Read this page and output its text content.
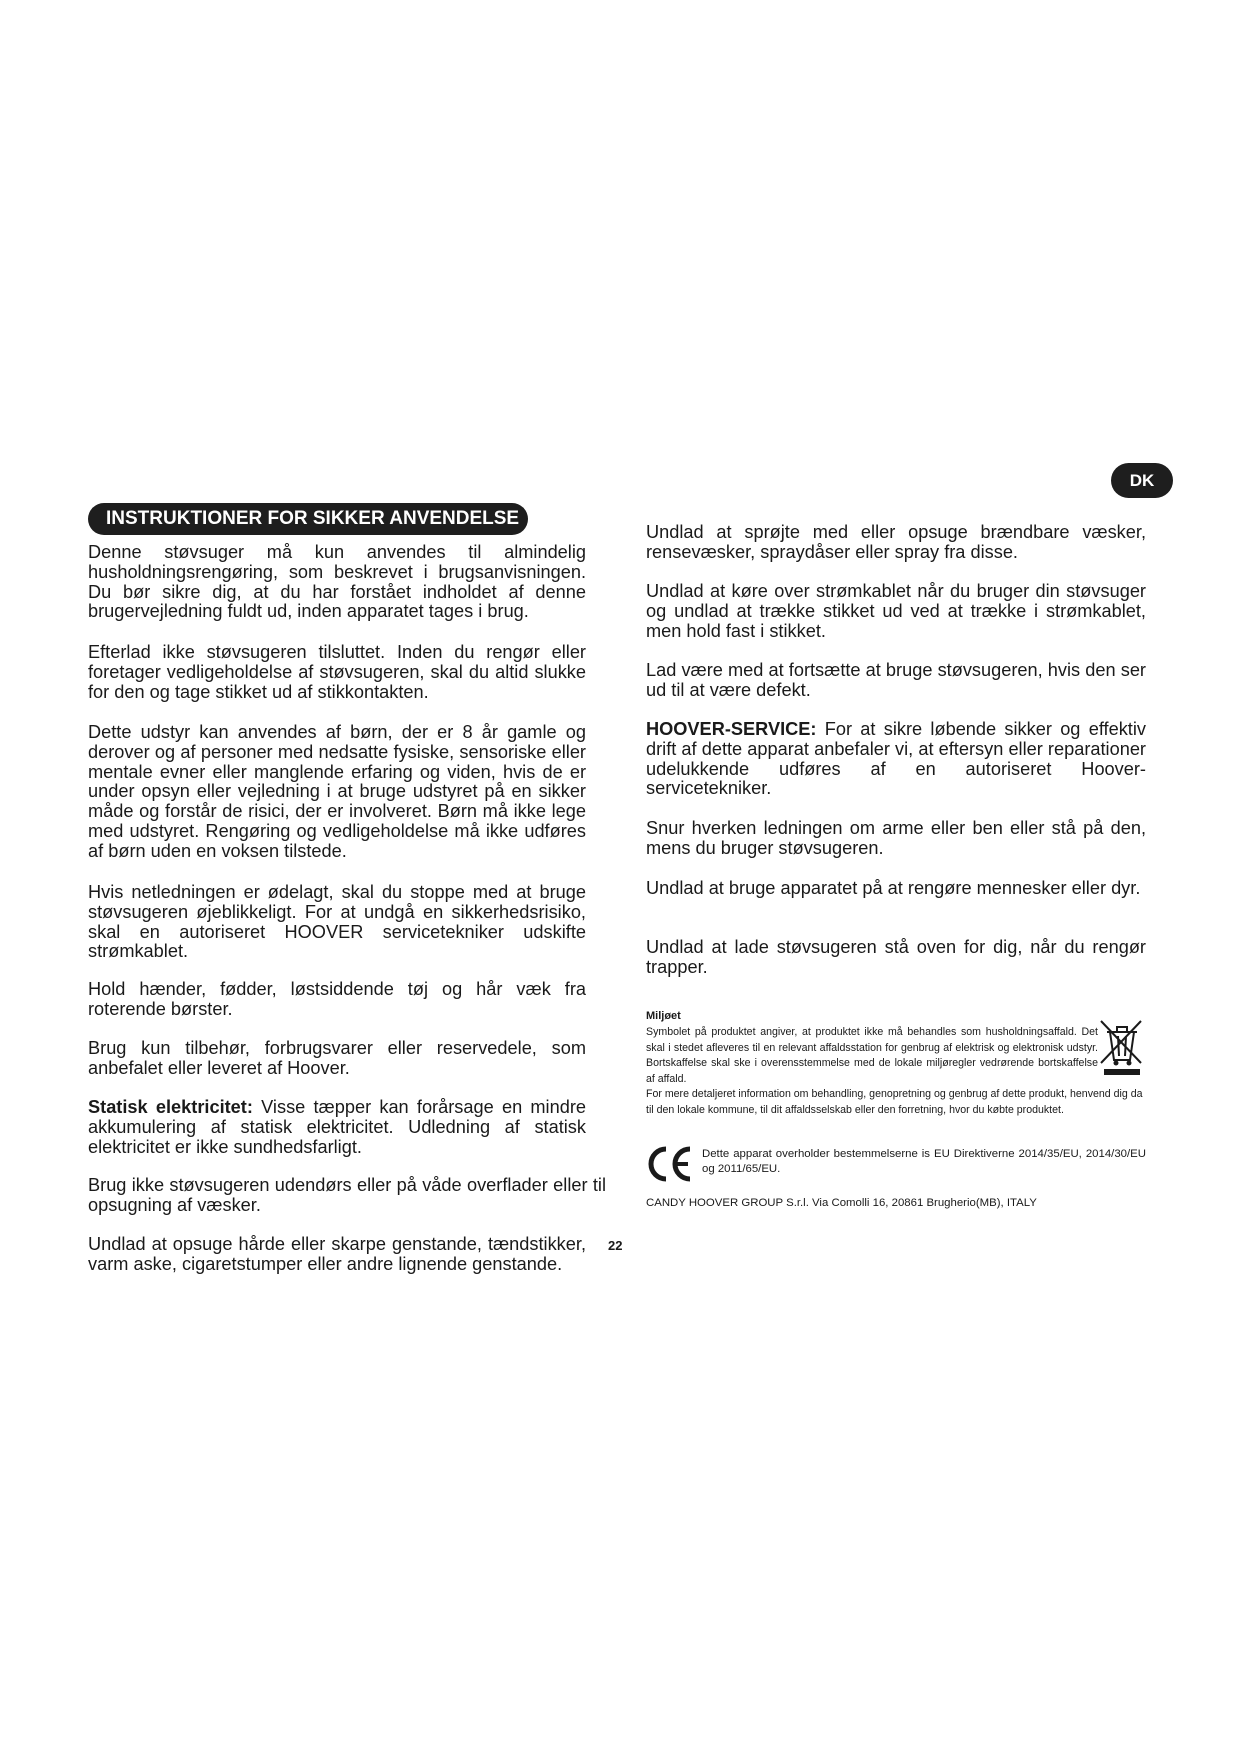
DK
INSTRUKTIONER FOR SIKKER ANVENDELSE

Denne støvsuger må kun anvendes til almindelig husholdningsrengøring, som beskrevet i brugsanvisningen. Du bør sikre dig, at du har forstået indholdet af denne brugervejledning fuldt ud, inden apparatet tages i brug.

Efterlad ikke støvsugeren tilsluttet. Inden du rengør eller foretager vedligeholdelse af støvsugeren, skal du altid slukke for den og tage stikket ud af stikkontakten.

Dette udstyr kan anvendes af børn, der er 8 år gamle og derover og af personer med nedsatte fysiske, sensoriske eller mentale evner eller manglende erfaring og viden, hvis de er under opsyn eller vejledning i at bruge udstyret på en sikker måde og forstår de risici, der er involveret. Børn må ikke lege med udstyret. Rengøring og vedligeholdelse må ikke udføres af børn uden en voksen tilstede.

Hvis netledningen er ødelagt, skal du stoppe med at bruge støvsugeren øjeblikkeligt. For at undgå en sikkerhedsrisiko, skal en autoriseret HOOVER servicetekniker udskifte strømkablet.

Hold hænder, fødder, løstsiddende tøj og hår væk fra roterende børster.

Brug kun tilbehør, forbrugsvarer eller reservedele, som anbefalet eller leveret af Hoover.

Statisk elektricitet: Visse tæpper kan forårsage en mindre akkumulering af statisk elektricitet. Udledning af statisk elektricitet er ikke sundhedsfarligt.

Brug ikke støvsugeren udendørs eller på våde overflader eller til opsugning af væsker.

Undlad at opsuge hårde eller skarpe genstande, tændstikker, varm aske, cigaretstumper eller andre lignende genstande.

22

Undlad at sprøjte med eller opsuge brændbare væsker, rensevæsker, spraydåser eller spray fra disse.

Undlad at køre over strømkablet når du bruger din støvsuger og undlad at trække stikket ud ved at trække i strømkablet, men hold fast i stikket.

Lad være med at fortsætte at bruge støvsugeren, hvis den ser ud til at være defekt.

HOOVER-SERVICE: For at sikre løbende sikker og effektiv drift af dette apparat anbefaler vi, at eftersyn eller reparationer udelukkende udføres af en autoriseret Hoover-servicetekniker.

Snur hverken ledningen om arme eller ben eller stå på den, mens du bruger støvsugeren.

Undlad at bruge apparatet på at rengøre mennesker eller dyr.

Undlad at lade støvsugeren stå oven for dig, når du rengør trapper.

Miljøet

Symbolet på produktet angiver, at produktet ikke må behandles som husholdningsaffald. Det skal i stedet afleveres til en relevant affaldsstation for genbrug af elektrisk og elektronisk udstyr. Bortskaffelse skal ske i overensstemmelse med de lokale miljøregler vedrørende bortskaffelse af affald.

For mere detaljeret information om behandling, genopretning og genbrug af dette produkt, henvend dig da til den lokale kommune, til dit affaldsselskab eller den forretning, hvor du købte produktet.

Dette apparat overholder bestemmelserne is EU Direktiverne 2014/35/EU, 2014/30/EU og 2011/65/EU.

CANDY HOOVER GROUP S.r.l. Via Comolli 16, 20861 Brugherio(MB), ITALY
